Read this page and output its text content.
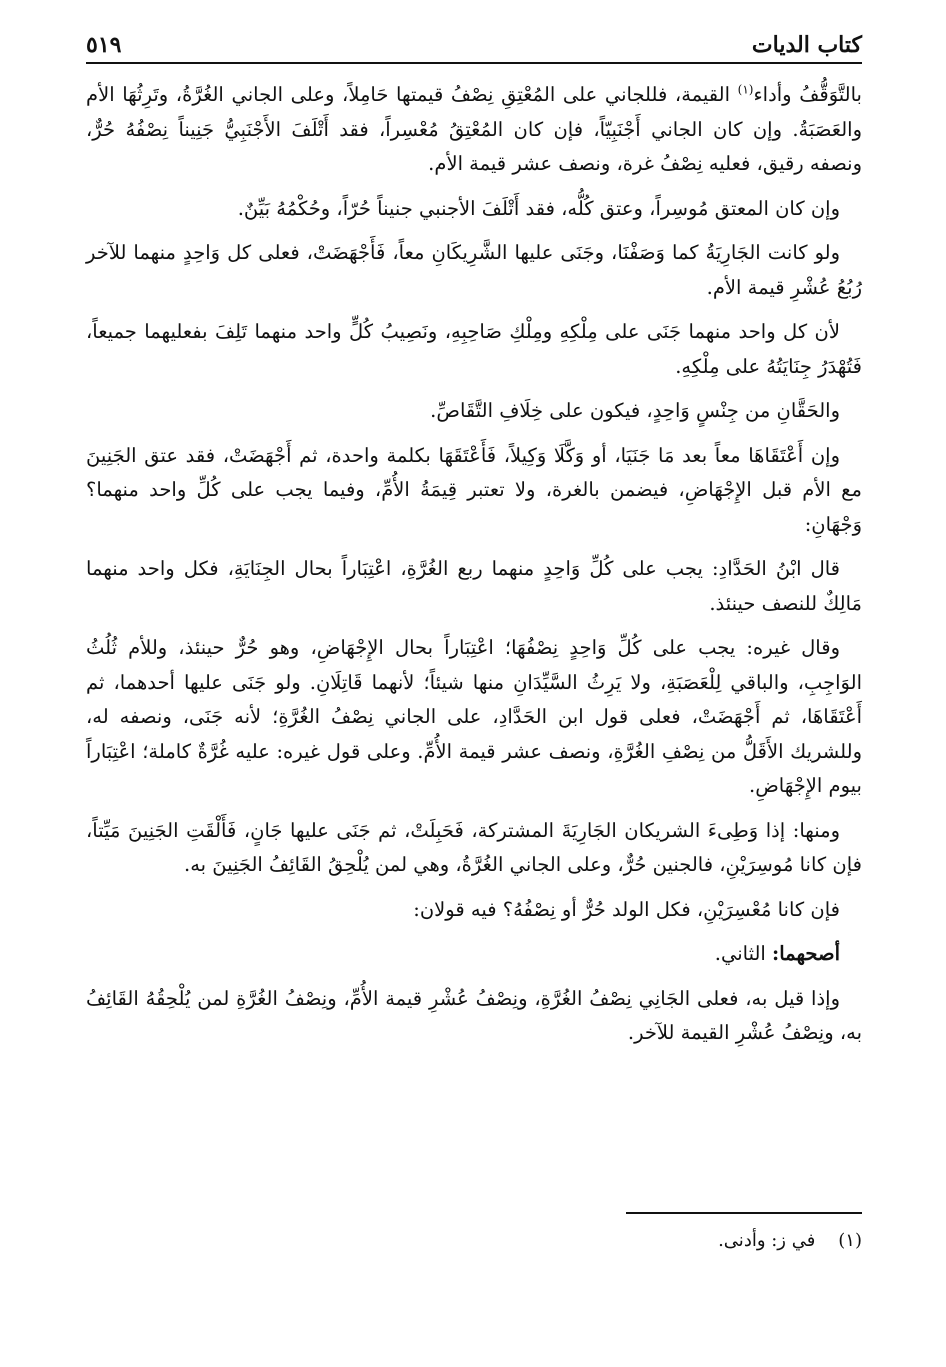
كتاب الديات
٥١٩

بالتَّوَقُّفُ وأداء$^{(١)}$ القيمة، فللجاني على المُعْتِقِ نِصْفُ قيمتها حَامِلاً، وعلى الجاني الغُرَّةُ، وتَرِثُهَا الأم والعَصَبَةُ. وإن كان الجاني أَجْنَبِيّاً، فإن كان المُعْتِقُ مُعْسِراً، فقد أَتْلَفَ الأَجْنَبِيُّ جَنِيناً نِصْفُهُ حُرٌّ، ونصفه رقيق، فعليه نِصْفُ غرة، ونصف عشر قيمة الأم.

وإن كان المعتق مُوسِراً، وعتق كُلُّه، فقد أَتْلَفَ الأجنبي جنيناً حُرّاً، وحُكْمُهُ بَيِّنٌ.

ولو كانت الجَارِيَةُ كما وَصَفْنَا، وجَنَى عليها الشَّرِيكَانِ معاً، فَأَجْهَضَتْ، فعلى كل وَاحِدٍ منهما للآخر رُبُعُ عُشْرِ قيمة الأم.

لأن كل واحد منهما جَنَى على مِلْكِهِ ومِلْكِ صَاحِبِهِ، ونَصِيبُ كُلٍّ واحد منهما تَلِفَ بفعليهما جميعاً، فَتُهْدَرُ جِنَايَتُهُ على مِلْكِهِ.

والحَقَّانِ من جِنْسٍ وَاحِدٍ، فيكون على خِلَافِ التَّقَاصِّ.

وإن أَعْتَقَاهَا معاً بعد مَا جَنَيَا، أو وَكَّلَا وَكِيلاً، فَأَعْتَقَهَا بكلمة واحدة، ثم أَجْهَضَتْ، فقد عتق الجَنِينَ مع الأم قبل الإِجْهَاضِ، فيضمن بالغرة، ولا تعتبر قِيمَةُ الأُمِّ، وفيما يجب على كُلِّ واحد منهما؟ وَجْهَانِ:

قال ابْنُ الحَدَّادِ: يجب على كُلِّ وَاحِدٍ منهما ربع الغُرَّةِ، اعْتِبَاراً بحال الجِنَايَةِ، فكل واحد منهما مَالِكٌ للنصف حينئذ.

وقال غيره: يجب على كُلِّ وَاحِدٍ نِصْفُهَا؛ اعْتِبَاراً بحال الإِجْهَاضِ، وهو حُرٌّ حينئذ، وللأم ثُلُثُ الوَاجِبِ، والباقي لِلْعَصَبَةِ، ولا يَرِثُ السَّيِّدَانِ منها شيئاً؛ لأنهما قَاتِلَانِ. ولو جَنَى عليها أحدهما، ثم أَعْتَقَاهَا، ثم أَجْهَضَتْ، فعلى قول ابن الحَدَّادِ، على الجاني نِصْفُ الغُرَّةِ؛ لأنه جَنَى، ونصفه له، وللشريك الأَقَلُّ من نِصْفِ الغُرَّةِ، ونصف عشر قيمة الأُمِّ. وعلى قول غيره: عليه غُرَّةٌ كاملة؛ اعْتِبَاراً بيوم الإِجْهَاضِ.

ومنها: إذا وَطِىءَ الشريكان الجَارِيَةَ المشتركة، فَحَبِلَتْ، ثم جَنَى عليها جَانٍ، فَأَلْقَتِ الجَنِينَ مَيِّتاً، فإن كانا مُوسِرَيْنِ، فالجنين حُرٌّ، وعلى الجاني الغُرَّةُ، وهي لمن يُلْحِقُ القَائِفُ الجَنِينَ به.

فإن كانا مُعْسِرَيْنِ، فكل الولد حُرٌّ أو نِصْفُهُ؟ فيه قولان:

أصحهما: الثاني.

وإذا قيل به، فعلى الجَانِي نِصْفُ الغُرَّةِ، ونِصْفُ عُشْرِ قيمة الأُمِّ، ونِصْفُ الغُرَّةِ لمن يُلْحِقُهُ القَائِفُ به، ونِصْفُ عُشْرِ القيمة للآخر.

(١)    في ز: وأدنى.
